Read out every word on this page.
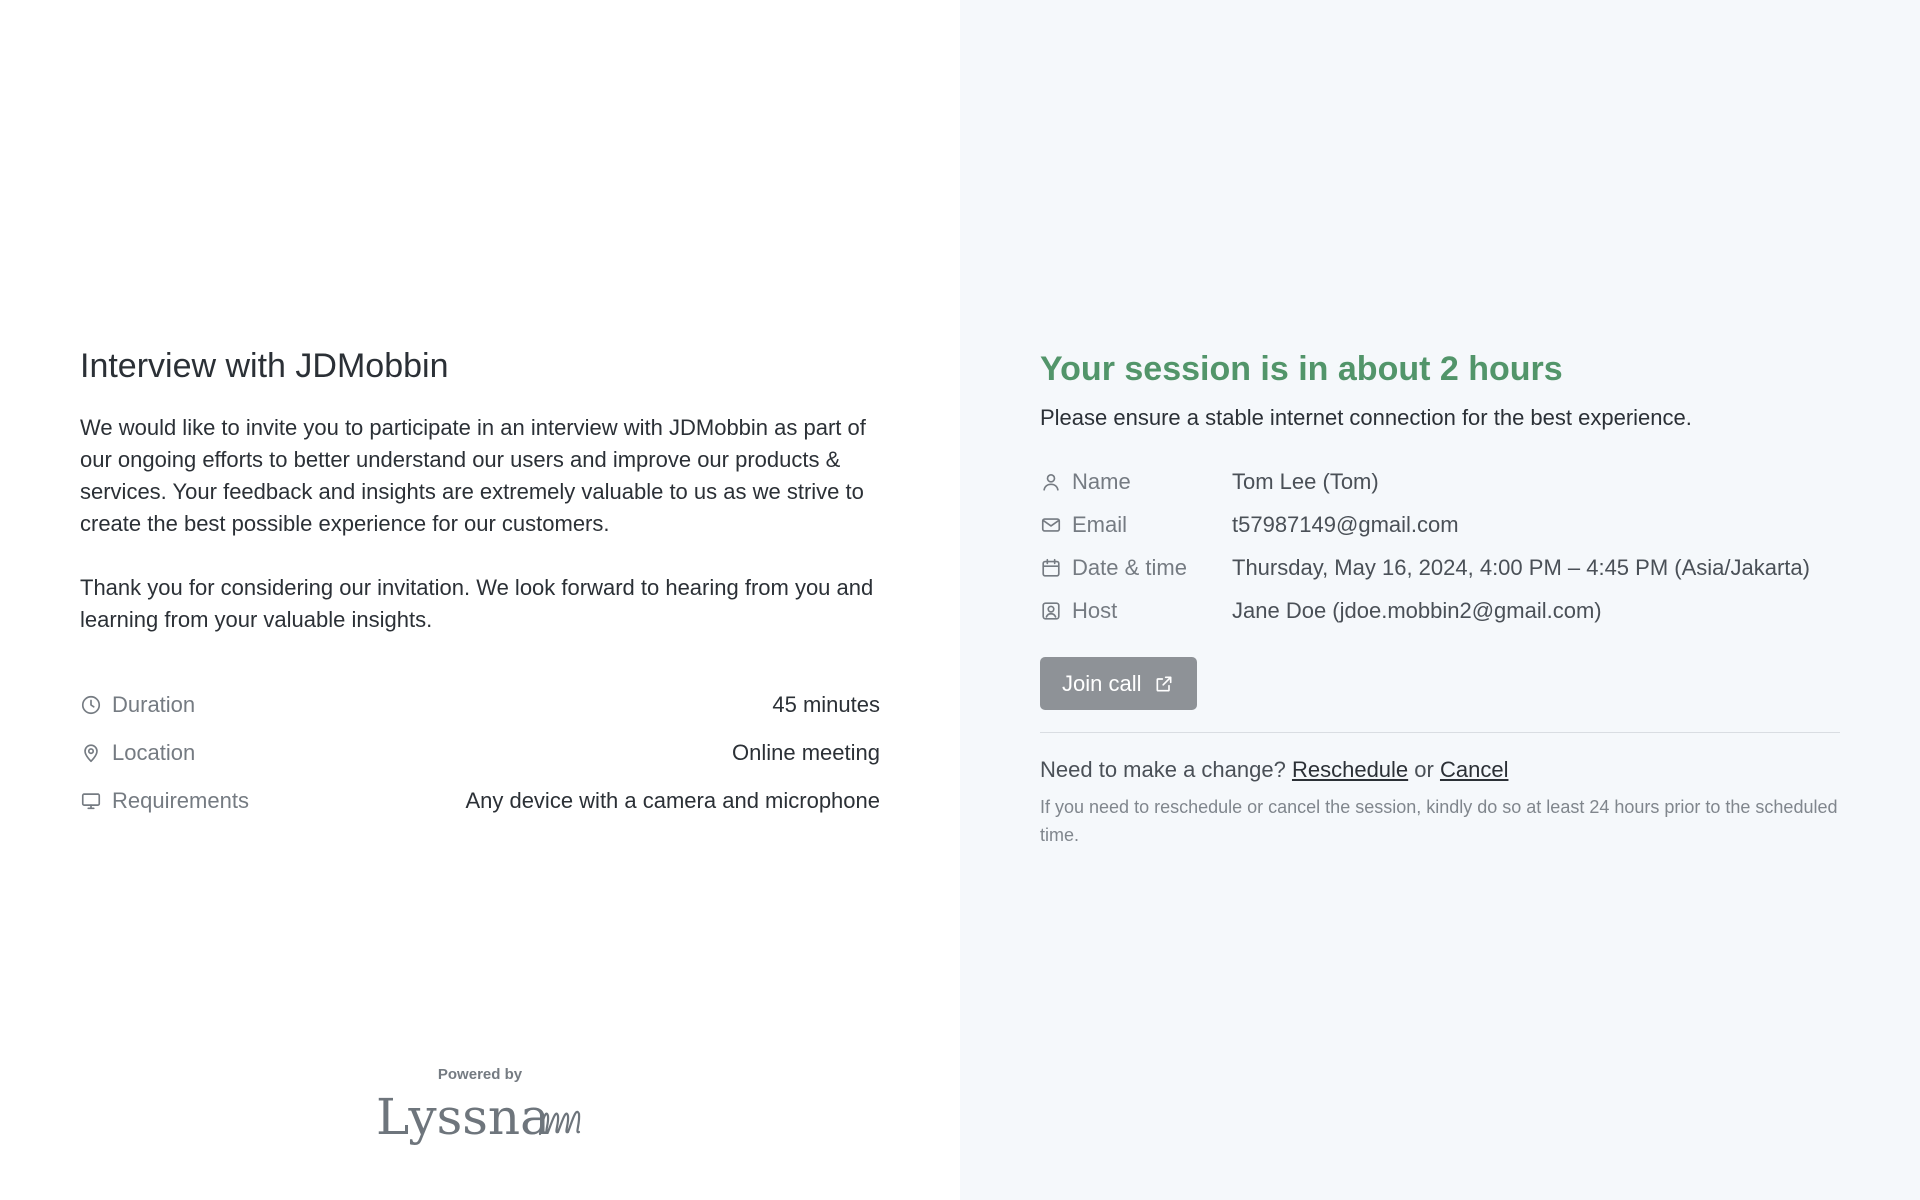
Interview with JDMobbin

We would like to invite you to participate in an interview with JDMobbin as part of our ongoing efforts to better understand our users and improve our products & services. Your feedback and insights are extremely valuable to us as we strive to create the best possible experience for our customers.

Thank you for considering our invitation. We look forward to hearing from you and learning from your valuable insights.

Duration	45 minutes
Location	Online meeting
Requirements	Any device with a camera and microphone
Powered by
Lyssna
Your session is in about 2 hours

Please ensure a stable internet connection for the best experience.

Name	Tom Lee (Tom)
Email	t57987149@gmail.com
Date & time Thursday, May 16, 2024, 4:00 PM – 4:45 PM (Asia/Jakarta)
Host	Jane Doe (jdoe.mobbin2@gmail.com)
Join call

Need to make a change? Reschedule or Cancel

If you need to reschedule or cancel the session, kindly do so at least 24 hours prior to the scheduled time.
